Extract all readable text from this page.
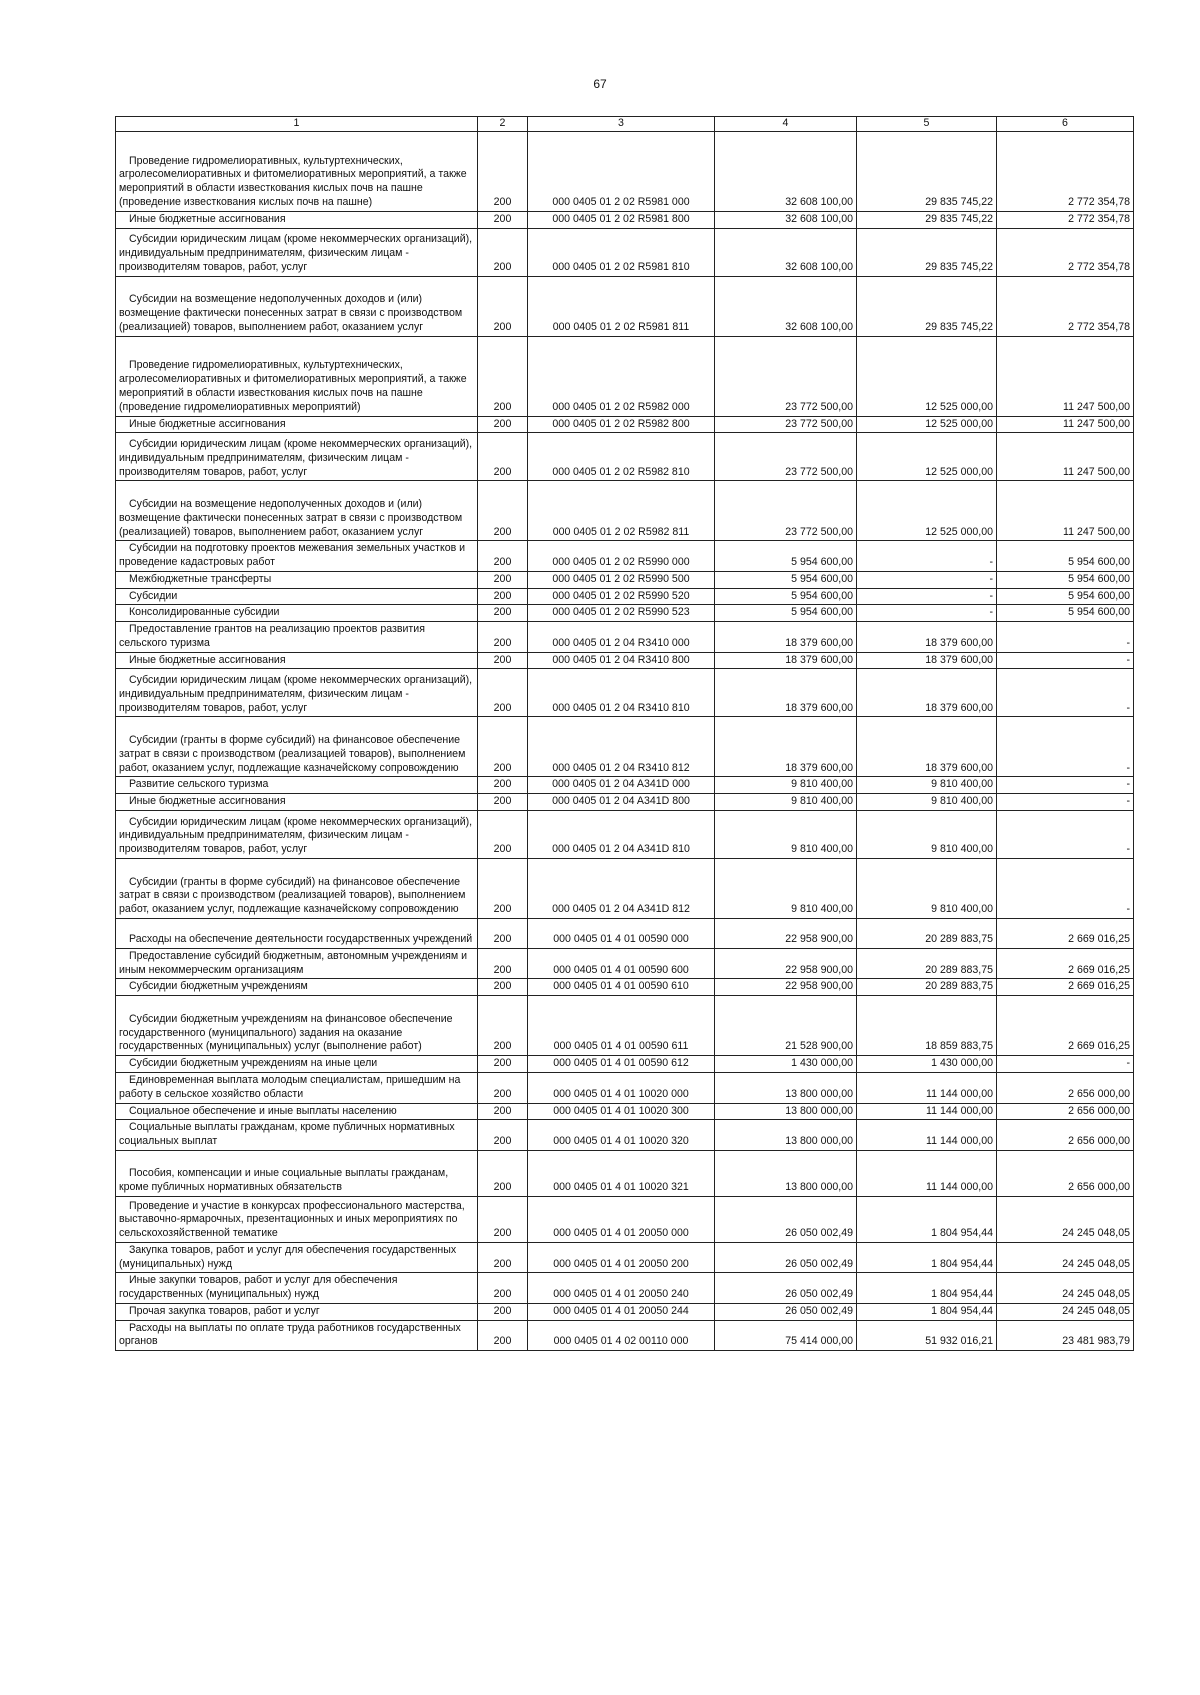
67
1	2	3	4	5	6

Проведение гидромелиоративных, культуртехнических, агролесомелиоративных и фитомелиоративных мероприятий, а также мероприятий в области известкования кислых почв на пашне (проведение известкования кислых почв на пашне)	200	000 0405 01 2 02 R5981 000	32 608 100,00	29 835 745,22	2 772 354,78

Иные бюджетные ассигнования	200	000 0405 01 2 02 R5981 800	32 608 100,00	29 835 745,22	2 772 354,78

Субсидии юридическим лицам (кроме некоммерческих организаций), индивидуальным предпринимателям, физическим лицам - производителям товаров, работ, услуг	200	000 0405 01 2 02 R5981 810	32 608 100,00	29 835 745,22	2 772 354,78

Субсидии на возмещение недополученных доходов и (или) возмещение фактически понесенных затрат в связи с производством (реализацией) товаров, выполнением работ, оказанием услуг	200	000 0405 01 2 02 R5981 811	32 608 100,00	29 835 745,22	2 772 354,78

Проведение гидромелиоративных, культуртехнических, агролесомелиоративных и фитомелиоративных мероприятий, а также мероприятий в области известкования кислых почв на пашне (проведение гидромелиоративных мероприятий)	200	000 0405 01 2 02 R5982 000	23 772 500,00	12 525 000,00	11 247 500,00

Иные бюджетные ассигнования	200	000 0405 01 2 02 R5982 800	23 772 500,00	12 525 000,00	11 247 500,00

Субсидии юридическим лицам (кроме некоммерческих организаций), индивидуальным предпринимателям, физическим лицам - производителям товаров, работ, услуг	200	000 0405 01 2 02 R5982 810	23 772 500,00	12 525 000,00	11 247 500,00

Субсидии на возмещение недополученных доходов и (или) возмещение фактически понесенных затрат в связи с производством (реализацией) товаров, выполнением работ, оказанием услуг	200	000 0405 01 2 02 R5982 811	23 772 500,00	12 525 000,00	11 247 500,00

Субсидии на подготовку проектов межевания земельных участков и проведение кадастровых работ	200	000 0405 01 2 02 R5990 000	5 954 600,00	-	5 954 600,00

Межбюджетные трансферты	200	000 0405 01 2 02 R5990 500	5 954 600,00	-	5 954 600,00

Субсидии	200	000 0405 01 2 02 R5990 520	5 954 600,00	-	5 954 600,00

Консолидированные субсидии	200	000 0405 01 2 02 R5990 523	5 954 600,00	-	5 954 600,00

Предоставление грантов на реализацию проектов развития сельского туризма	200	000 0405 01 2 04 R3410 000	18 379 600,00	18 379 600,00	-

Иные бюджетные ассигнования	200	000 0405 01 2 04 R3410 800	18 379 600,00	18 379 600,00	-

Субсидии юридическим лицам (кроме некоммерческих организаций), индивидуальным предпринимателям, физическим лицам - производителям товаров, работ, услуг	200	000 0405 01 2 04 R3410 810	18 379 600,00	18 379 600,00	-

Субсидии (гранты в форме субсидий) на финансовое обеспечение затрат в связи с производством (реализацией товаров), выполнением работ, оказанием услуг, подлежащие казначейскому сопровождению	200	000 0405 01 2 04 R3410 812	18 379 600,00	18 379 600,00	-

Развитие сельского туризма	200	000 0405 01 2 04 A341D 000	9 810 400,00	9 810 400,00	-

Иные бюджетные ассигнования	200	000 0405 01 2 04 A341D 800	9 810 400,00	9 810 400,00	-

Субсидии юридическим лицам (кроме некоммерческих организаций), индивидуальным предпринимателям, физическим лицам - производителям товаров, работ, услуг	200	000 0405 01 2 04 A341D 810	9 810 400,00	9 810 400,00	-

Субсидии (гранты в форме субсидий) на финансовое обеспечение затрат в связи с производством (реализацией товаров), выполнением работ, оказанием услуг, подлежащие казначейскому сопровождению	200	000 0405 01 2 04 A341D 812	9 810 400,00	9 810 400,00	-

Расходы на обеспечение деятельности государственных учреждений	200	000 0405 01 4 01 00590 000	22 958 900,00	20 289 883,75	2 669 016,25

Предоставление субсидий бюджетным, автономным учреждениям и иным некоммерческим организациям	200	000 0405 01 4 01 00590 600	22 958 900,00	20 289 883,75	2 669 016,25

Субсидии бюджетным учреждениям	200	000 0405 01 4 01 00590 610	22 958 900,00	20 289 883,75	2 669 016,25

Субсидии бюджетным учреждениям на финансовое обеспечение государственного (муниципального) задания на оказание государственных (муниципальных) услуг (выполнение работ)	200	000 0405 01 4 01 00590 611	21 528 900,00	18 859 883,75	2 669 016,25

Субсидии бюджетным учреждениям на иные цели	200	000 0405 01 4 01 00590 612	1 430 000,00	1 430 000,00	-

Единовременная выплата молодым специалистам, пришедшим на работу в сельское хозяйство области	200	000 0405 01 4 01 10020 000	13 800 000,00	11 144 000,00	2 656 000,00

Социальное обеспечение и иные выплаты населению	200	000 0405 01 4 01 10020 300	13 800 000,00	11 144 000,00	2 656 000,00

Социальные выплаты гражданам, кроме публичных нормативных социальных выплат	200	000 0405 01 4 01 10020 320	13 800 000,00	11 144 000,00	2 656 000,00

Пособия, компенсации и иные социальные выплаты гражданам, кроме публичных нормативных обязательств	200	000 0405 01 4 01 10020 321	13 800 000,00	11 144 000,00	2 656 000,00

Проведение и участие в конкурсах профессионального мастерства, выставочно-ярмарочных, презентационных и иных мероприятиях по сельскохозяйственной тематике	200	000 0405 01 4 01 20050 000	26 050 002,49	1 804 954,44	24 245 048,05

Закупка товаров, работ и услуг для обеспечения государственных (муниципальных) нужд	200	000 0405 01 4 01 20050 200	26 050 002,49	1 804 954,44	24 245 048,05

Иные закупки товаров, работ и услуг для обеспечения государственных (муниципальных) нужд	200	000 0405 01 4 01 20050 240	26 050 002,49	1 804 954,44	24 245 048,05

Прочая закупка товаров, работ и услуг	200	000 0405 01 4 01 20050 244	26 050 002,49	1 804 954,44	24 245 048,05

Расходы на выплаты по оплате труда работников государственных органов	200	000 0405 01 4 02 00110 000	75 414 000,00	51 932 016,21	23 481 983,79
